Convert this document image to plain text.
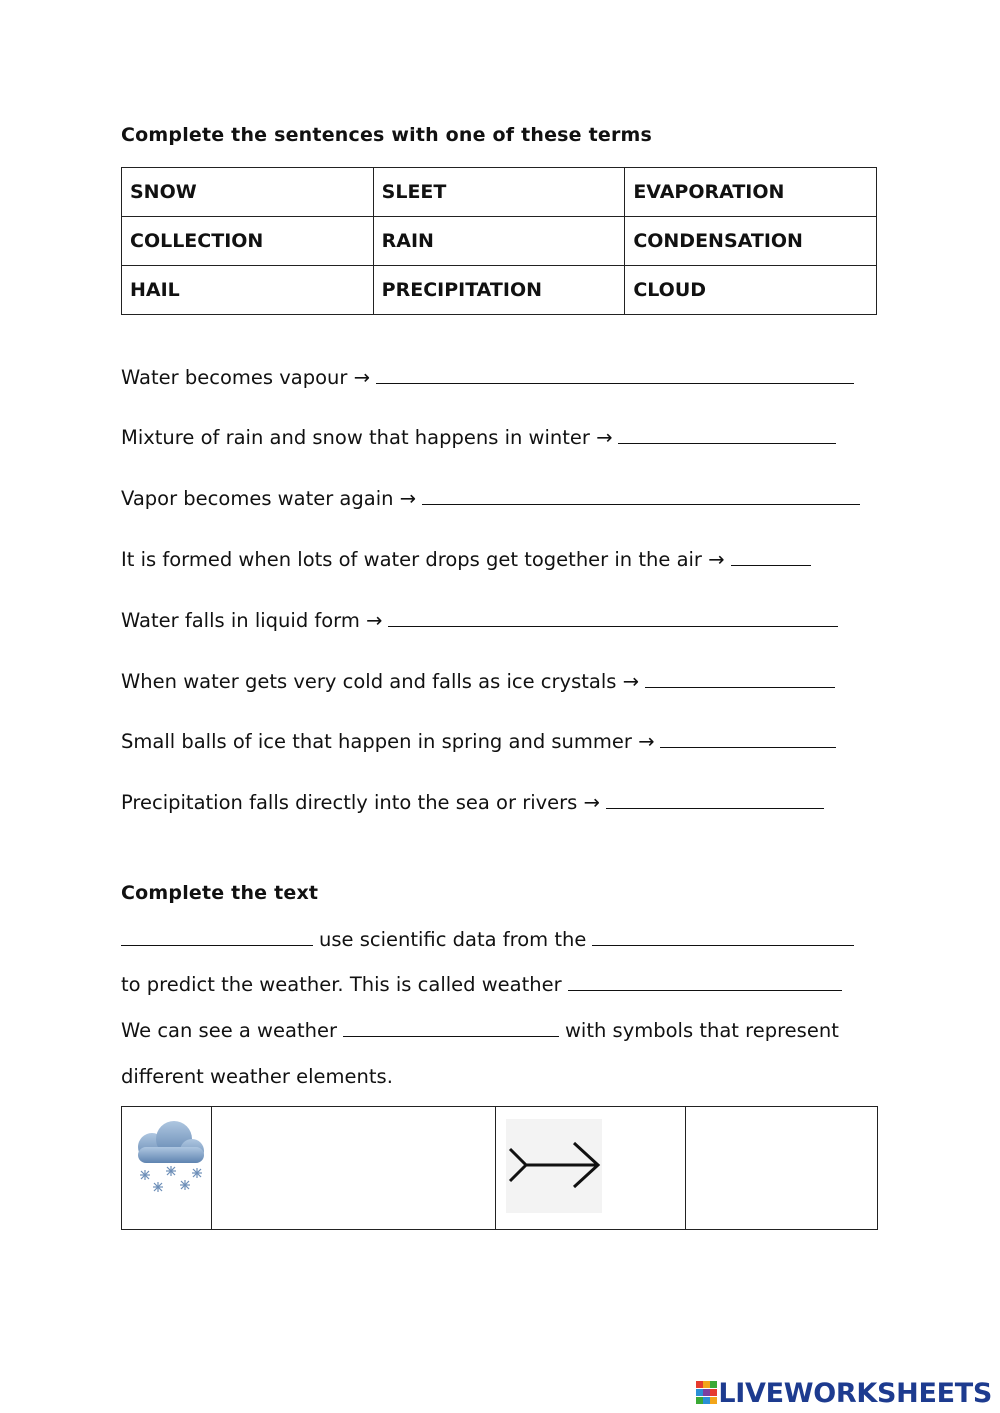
Complete the sentences with one of these terms
SNOW	SLEET	EVAPORATION
COLLECTION	RAIN	CONDENSATION
HAIL	PRECIPITATION	CLOUD
Water becomes vapour →
Mixture of rain and snow that happens in winter →
Vapor becomes water again →
It is formed when lots of water drops get together in the air →
Water falls in liquid form →
When water gets very cold and falls as ice crystals →
Small balls of ice that happen in spring and summer →
Precipitation falls directly into the sea or rivers →
Complete the text
use scientific data from the
to predict the weather. This is called weather
We can see a weather	with symbols that represent
different weather elements.

LIVEWORKSHEETS
